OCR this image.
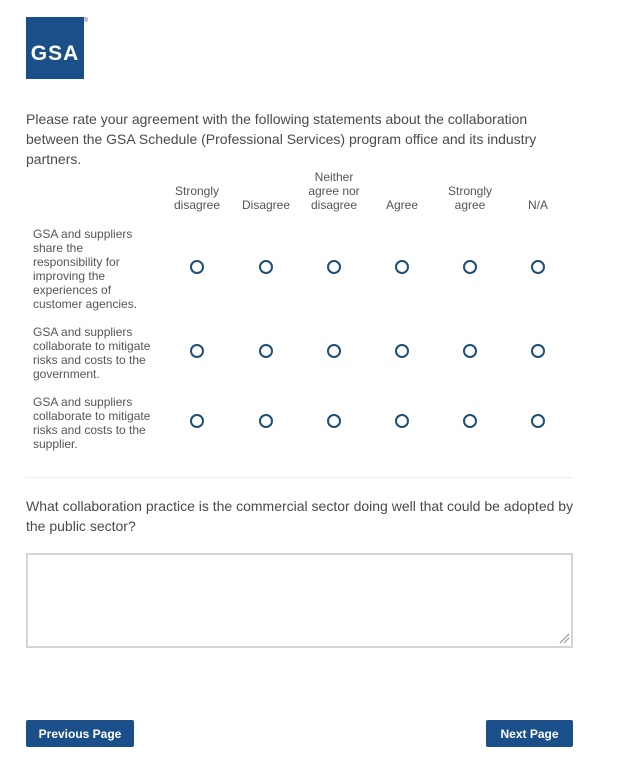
GSA
®

Please rate your agreement with the following statements about the collaboration between the GSA Schedule (Professional Services) program office and its industry partners.

Strongly
disagree Disagree
Neither
agree nor
disagree Agree
Strongly
agree	N/A
GSA and suppliers
share the
responsibility for
improving the
experiences of
customer agencies.
GSA and suppliers
collaborate to mitigate
risks and costs to the
government.
GSA and suppliers
collaborate to mitigate
risks and costs to the
supplier.

What collaboration practice is the commercial sector doing well that could be adopted by the public sector?

Previous Page	Next Page
